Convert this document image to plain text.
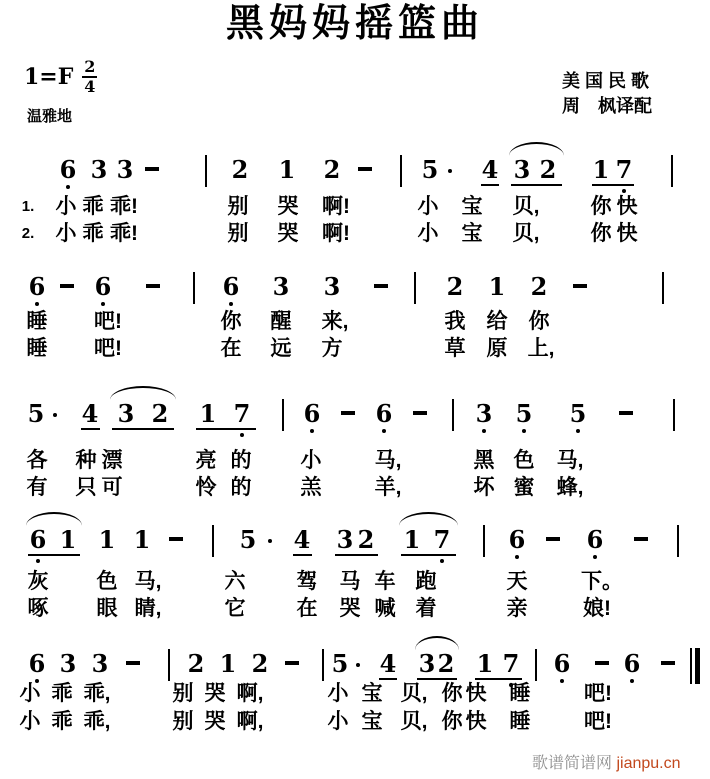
黑妈妈摇篮曲
$1=F \frac{2}{4}$
温雅地
美 国 民 歌
周　枫译配
6 3 3	2 1 2	5 4 3 2 1 7
1. 小 乖 乖!	别 哭 啊!	小 宝 贝, 你 快
2. 小 乖 乖!	别 哭 啊!	小 宝 贝, 你 快
6 6	6 3 3	2 1 2
睡 吧!	你 醒 来,	我 给 你
睡 吧!	在 远 方	草 原 上,
5 4 3 2 1 7 6 6	3 5 5
各 种 漂	亮 的 小	马,	黑 色 马,
有 只 可	怜 的 羔	羊,	坏 蜜 蜂,
6 1 1 1	5 4 3 2 1 7 6	6
灰 色 马,	六 驾 马 车 跑	天	下。
啄 眼 睛,	它 在 哭 喊 着	亲	娘!
6 3 3	2 1 2	5 4 3 2 1 7 6 6
小 乖 乖,	别 哭 啊,	小 宝 贝, 你 快 睡	吧!
小 乖 乖,	别 哭 啊,	小 宝 贝, 你 快 睡	吧!
歌谱简谱网 jianpu.cn
